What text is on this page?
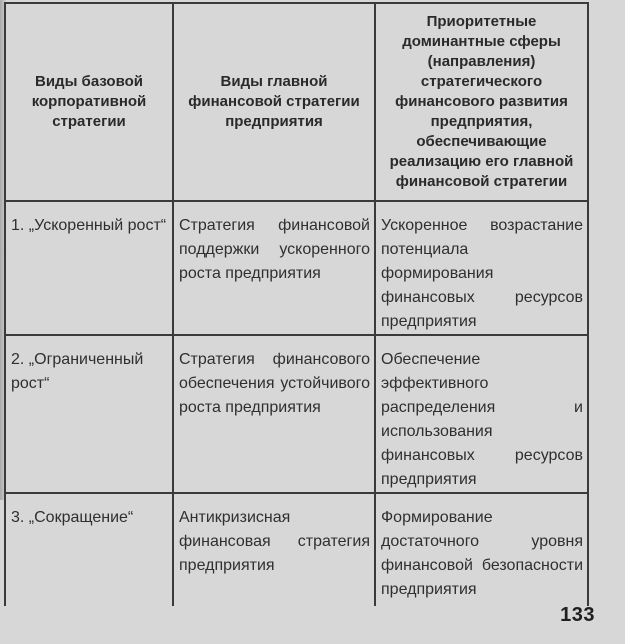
Виды базовой корпоративной стратегии	Виды главной финансовой стратегии предприятия	Приоритетные доминантные сферы (направления) стратегического финансового развития предприятия, обеспечивающие реализацию его главной финансовой стратегии

1. „Ускоренный рост“	Стратегия финансовой поддержки ускоренного роста предприятия	Ускоренное возрастание потенциала формирования финансовых ресурсов предприятия

2. „Ограниченный рост“	Стратегия финансового обеспечения устойчивого роста предприятия	Обеспечение эффективного распределения и использования финансовых ресурсов предприятия

3. „Сокращение“	Антикризисная финансовая стратегия предприятия	Формирование достаточного уровня финансовой безопасности предприятия
133
